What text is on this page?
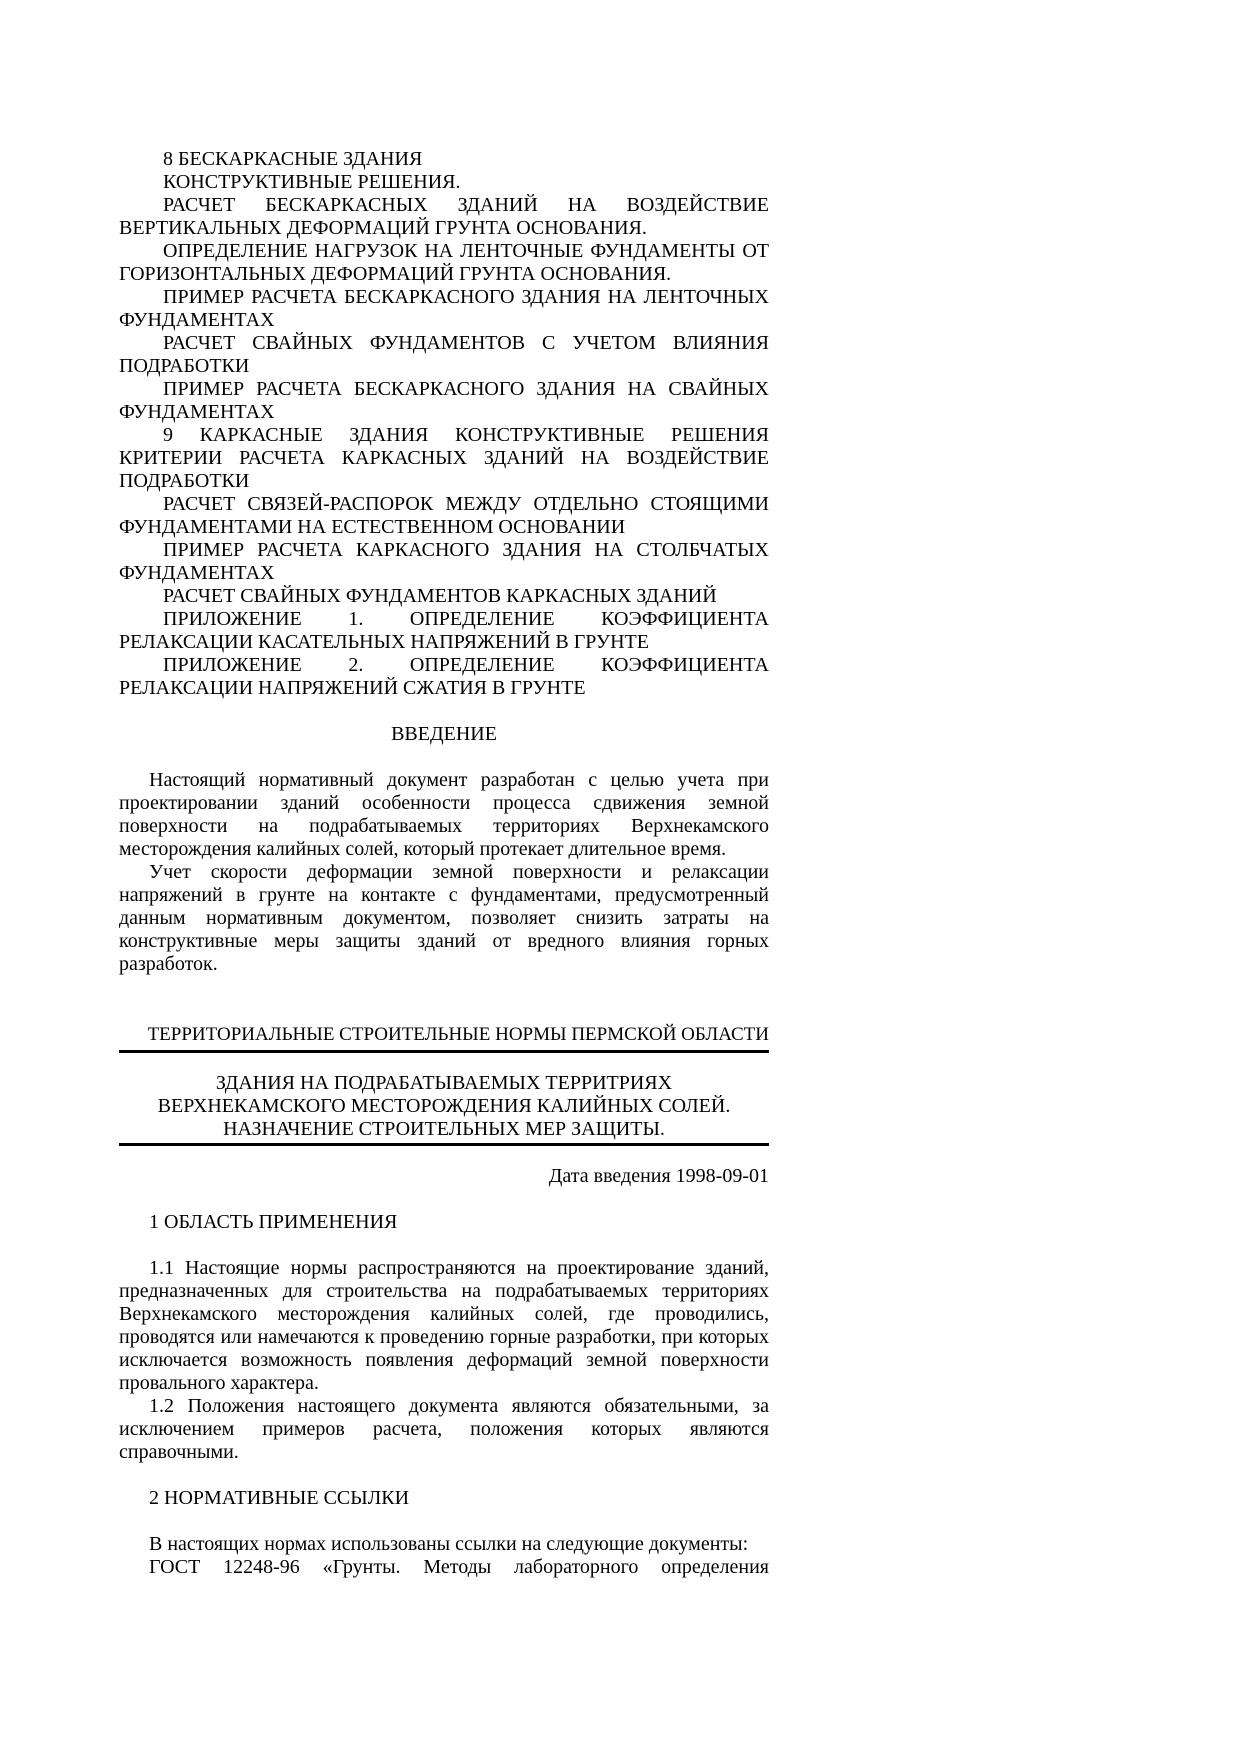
8 БЕСКАРКАСНЫЕ ЗДАНИЯ

КОНСТРУКТИВНЫЕ РЕШЕНИЯ.

РАСЧЕТ БЕСКАРКАСНЫХ ЗДАНИЙ НА ВОЗДЕЙСТВИЕ ВЕРТИКАЛЬНЫХ ДЕФОРМАЦИЙ ГРУНТА ОСНОВАНИЯ.

ОПРЕДЕЛЕНИЕ НАГРУЗОК НА ЛЕНТОЧНЫЕ ФУНДАМЕНТЫ ОТ ГОРИЗОНТАЛЬНЫХ ДЕФОРМАЦИЙ ГРУНТА ОСНОВАНИЯ.

ПРИМЕР РАСЧЕТА БЕСКАРКАСНОГО ЗДАНИЯ НА ЛЕНТОЧНЫХ ФУНДАМЕНТАХ

РАСЧЕТ СВАЙНЫХ ФУНДАМЕНТОВ С УЧЕТОМ ВЛИЯНИЯ ПОДРАБОТКИ

ПРИМЕР РАСЧЕТА БЕСКАРКАСНОГО ЗДАНИЯ НА СВАЙНЫХ ФУНДАМЕНТАХ

9 КАРКАСНЫЕ ЗДАНИЯ КОНСТРУКТИВНЫЕ РЕШЕНИЯ КРИТЕРИИ РАСЧЕТА КАРКАСНЫХ ЗДАНИЙ НА ВОЗДЕЙСТВИЕ ПОДРАБОТКИ

РАСЧЕТ СВЯЗЕЙ-РАСПОРОК МЕЖДУ ОТДЕЛЬНО СТОЯЩИМИ ФУНДАМЕНТАМИ НА ЕСТЕСТВЕННОМ ОСНОВАНИИ

ПРИМЕР РАСЧЕТА КАРКАСНОГО ЗДАНИЯ НА СТОЛБЧАТЫХ ФУНДАМЕНТАХ

РАСЧЕТ СВАЙНЫХ ФУНДАМЕНТОВ КАРКАСНЫХ ЗДАНИЙ

ПРИЛОЖЕНИЕ 1. ОПРЕДЕЛЕНИЕ КОЭФФИЦИЕНТА РЕЛАКСАЦИИ КАСАТЕЛЬНЫХ НАПРЯЖЕНИЙ В ГРУНТЕ

ПРИЛОЖЕНИЕ 2. ОПРЕДЕЛЕНИЕ КОЭФФИЦИЕНТА РЕЛАКСАЦИИ НАПРЯЖЕНИЙ СЖАТИЯ В ГРУНТЕ

ВВЕДЕНИЕ

Настоящий нормативный документ разработан с целью учета при проектировании зданий особенности процесса сдвижения земной поверхности на подрабатываемых территориях Верхнекамского месторождения калийных солей, который протекает длительное время.

Учет скорости деформации земной поверхности и релаксации напряжений в грунте на контакте с фундаментами, предусмотренный данным нормативным документом, позволяет снизить затраты на конструктивные меры защиты зданий от вредного влияния горных разработок.

ТЕРРИТОРИАЛЬНЫЕ СТРОИТЕЛЬНЫЕ НОРМЫ ПЕРМСКОЙ ОБЛАСТИ
ЗДАНИЯ НА ПОДРАБАТЫВАЕМЫХ ТЕРРИТРИЯХ
ВЕРХНЕКАМСКОГО МЕСТОРОЖДЕНИЯ КАЛИЙНЫХ СОЛЕЙ.
НАЗНАЧЕНИЕ СТРОИТЕЛЬНЫХ МЕР ЗАЩИТЫ.
Дата введения 1998-09-01
1 ОБЛАСТЬ ПРИМЕНЕНИЯ

1.1 Настоящие нормы распространяются на проектирование зданий, предназначенных для строительства на подрабатываемых территориях Верхнекамского месторождения калийных солей, где проводились, проводятся или намечаются к проведению горные разработки, при которых исключается возможность появления деформаций земной поверхности провального характера.

1.2 Положения настоящего документа являются обязательными, за исключением примеров расчета, положения которых являются справочными.

2 НОРМАТИВНЫЕ ССЫЛКИ

В настоящих нормах использованы ссылки на следующие документы:

ГОСТ 12248-96 «Грунты. Методы лабораторного определения
